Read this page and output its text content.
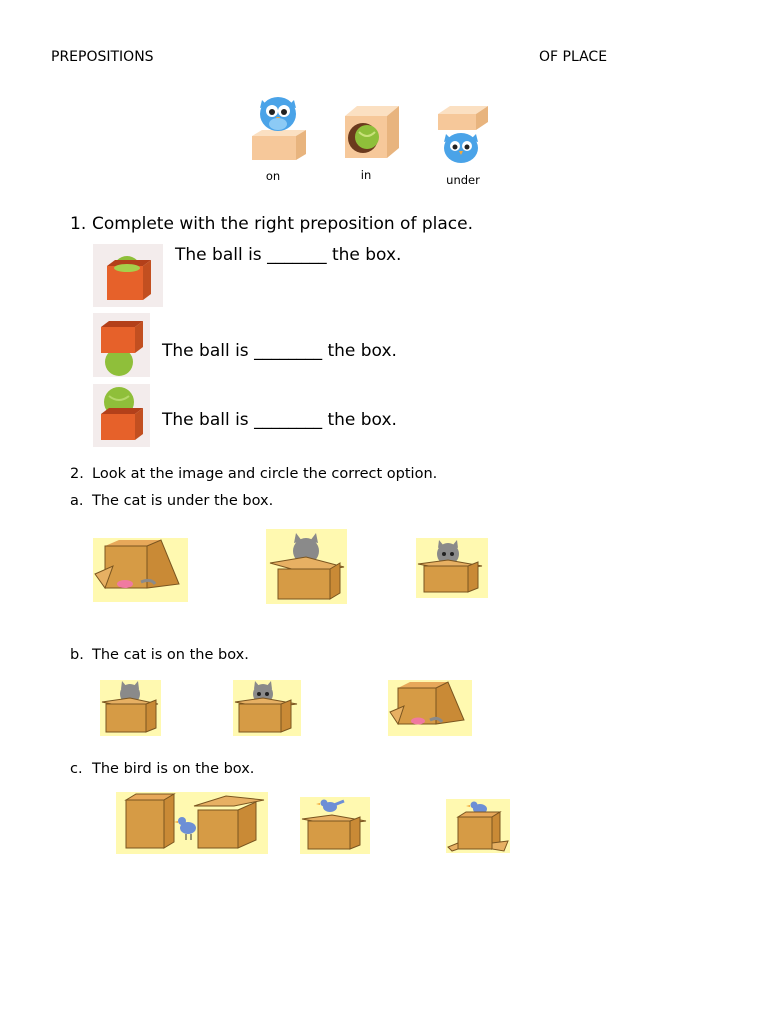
PREPOSITIONS	OF PLACE
on	in	under
1. Complete with the right preposition of place.
The ball is _______ the box.
The ball is ________ the box.
The ball is ________ the box.
2. Look at the image and circle the correct option.
a. The cat is under the box.
b. The cat is on the box.
c. The bird is on the box.
